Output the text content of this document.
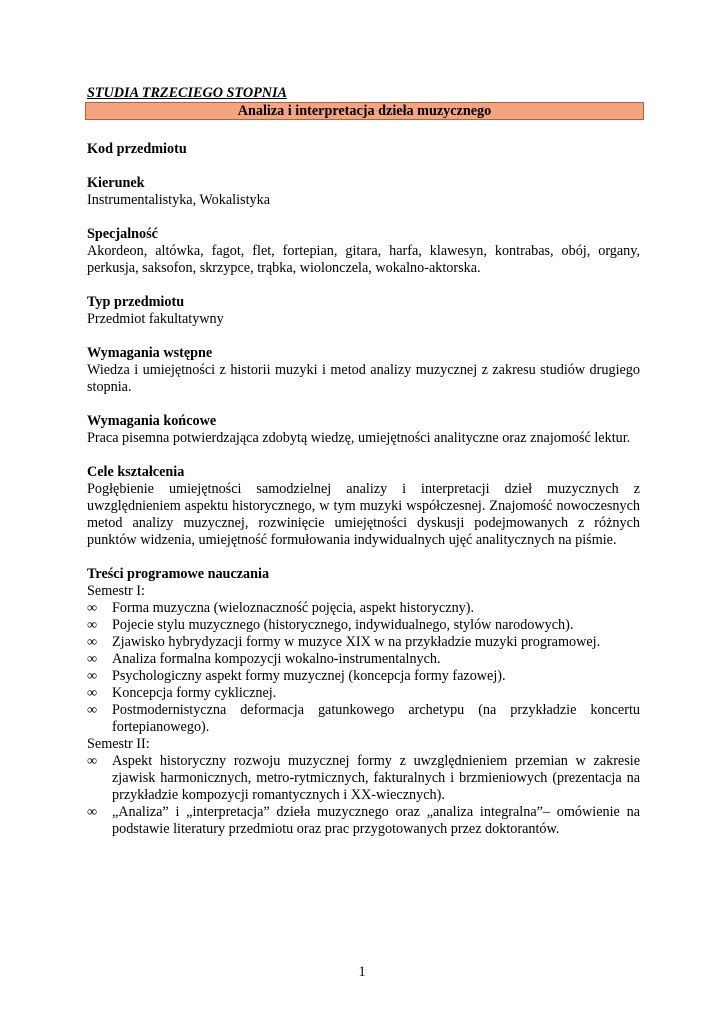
STUDIA TRZECIEGO STOPNIA

Analiza i interpretacja dzieła muzycznego
Kod przedmiotu
Kierunek
Instrumentalistyka, Wokalistyka
Specjalność
Akordeon, altówka, fagot, flet, fortepian, gitara, harfa, klawesyn, kontrabas, obój, organy, perkusja, saksofon, skrzypce, trąbka, wiolonczela, wokalno-aktorska.
Typ przedmiotu
Przedmiot fakultatywny
Wymagania wstępne
Wiedza i umiejętności z historii muzyki i metod analizy muzycznej z zakresu studiów drugiego stopnia.
Wymagania końcowe
Praca pisemna potwierdzająca zdobytą wiedzę, umiejętności analityczne oraz znajomość lektur.
Cele kształcenia
Pogłębienie umiejętności samodzielnej analizy i interpretacji dzieł muzycznych z uwzględnieniem aspektu historycznego, w tym muzyki współczesnej. Znajomość nowoczesnych metod analizy muzycznej, rozwinięcie umiejętności dyskusji podejmowanych z różnych punktów widzenia, umiejętność formułowania indywidualnych ujęć analitycznych na piśmie.
Treści programowe nauczania
Semestr I:
∞	Forma muzyczna (wieloznaczność pojęcia, aspekt historyczny).
∞	Pojecie stylu muzycznego (historycznego, indywidualnego, stylów narodowych).
∞	Zjawisko hybrydyzacji formy w muzyce XIX w na przykładzie muzyki programowej.
∞	Analiza formalna kompozycji wokalno-instrumentalnych.
∞	Psychologiczny aspekt formy muzycznej (koncepcja formy fazowej).
∞	Koncepcja formy cyklicznej.
∞	Postmodernistyczna deformacja gatunkowego archetypu (na przykładzie koncertu fortepianowego).
Semestr II:
∞	Aspekt historyczny rozwoju muzycznej formy z uwzględnieniem przemian w zakresie zjawisk harmonicznych, metro-rytmicznych, fakturalnych i brzmieniowych (prezentacja na przykładzie kompozycji romantycznych i XX-wiecznych).
∞	„Analiza” i „interpretacja” dzieła muzycznego oraz „analiza integralna”– omówienie na podstawie literatury przedmiotu oraz prac przygotowanych przez doktorantów.
1
